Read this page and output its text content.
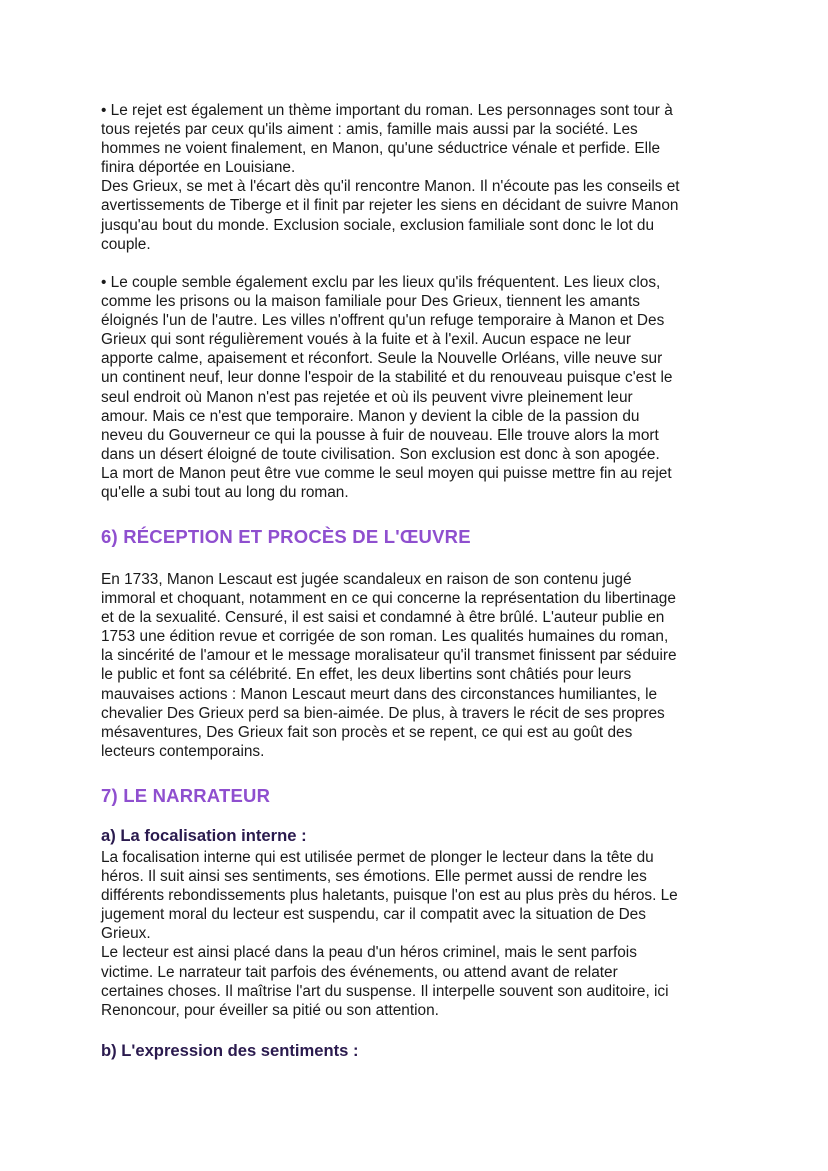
• Le rejet est également un thème important du roman. Les personnages sont tour à
tous rejetés par ceux qu'ils aiment : amis, famille mais aussi par la société. Les
hommes ne voient finalement, en Manon, qu'une séductrice vénale et perfide. Elle
finira déportée en Louisiane.
Des Grieux, se met à l'écart dès qu'il rencontre Manon. Il n'écoute pas les conseils et
avertissements de Tiberge et il finit par rejeter les siens en décidant de suivre Manon
jusqu'au bout du monde. Exclusion sociale, exclusion familiale sont donc le lot du
couple.
• Le couple semble également exclu par les lieux qu'ils fréquentent. Les lieux clos,
comme les prisons ou la maison familiale pour Des Grieux, tiennent les amants
éloignés l'un de l'autre. Les villes n'offrent qu'un refuge temporaire à Manon et Des
Grieux qui sont régulièrement voués à la fuite et à l'exil. Aucun espace ne leur
apporte calme, apaisement et réconfort. Seule la Nouvelle Orléans, ville neuve sur
un continent neuf, leur donne l'espoir de la stabilité et du renouveau puisque c'est le
seul endroit où Manon n'est pas rejetée et où ils peuvent vivre pleinement leur
amour. Mais ce n'est que temporaire. Manon y devient la cible de la passion du
neveu du Gouverneur ce qui la pousse à fuir de nouveau. Elle trouve alors la mort
dans un désert éloigné de toute civilisation. Son exclusion est donc à son apogée.
La mort de Manon peut être vue comme le seul moyen qui puisse mettre fin au rejet
qu'elle a subi tout au long du roman.
6) RÉCEPTION ET PROCÈS DE L'ŒUVRE
En 1733, Manon Lescaut est jugée scandaleux en raison de son contenu jugé
immoral et choquant, notamment en ce qui concerne la représentation du libertinage
et de la sexualité. Censuré, il est saisi et condamné à être brûlé. L'auteur publie en
1753 une édition revue et corrigée de son roman. Les qualités humaines du roman,
la sincérité de l'amour et le message moralisateur qu'il transmet finissent par séduire
le public et font sa célébrité. En effet, les deux libertins sont châtiés pour leurs
mauvaises actions : Manon Lescaut meurt dans des circonstances humiliantes, le
chevalier Des Grieux perd sa bien-aimée. De plus, à travers le récit de ses propres
mésaventures, Des Grieux fait son procès et se repent, ce qui est au goût des
lecteurs contemporains.
7) LE NARRATEUR
a) La focalisation interne :
La focalisation interne qui est utilisée permet de plonger le lecteur dans la tête du
héros. Il suit ainsi ses sentiments, ses émotions. Elle permet aussi de rendre les
différents rebondissements plus haletants, puisque l'on est au plus près du héros. Le
jugement moral du lecteur est suspendu, car il compatit avec la situation de Des
Grieux.
Le lecteur est ainsi placé dans la peau d'un héros criminel, mais le sent parfois
victime. Le narrateur tait parfois des événements, ou attend avant de relater
certaines choses. Il maîtrise l'art du suspense. Il interpelle souvent son auditoire, ici
Renoncour, pour éveiller sa pitié ou son attention.
b) L'expression des sentiments :
